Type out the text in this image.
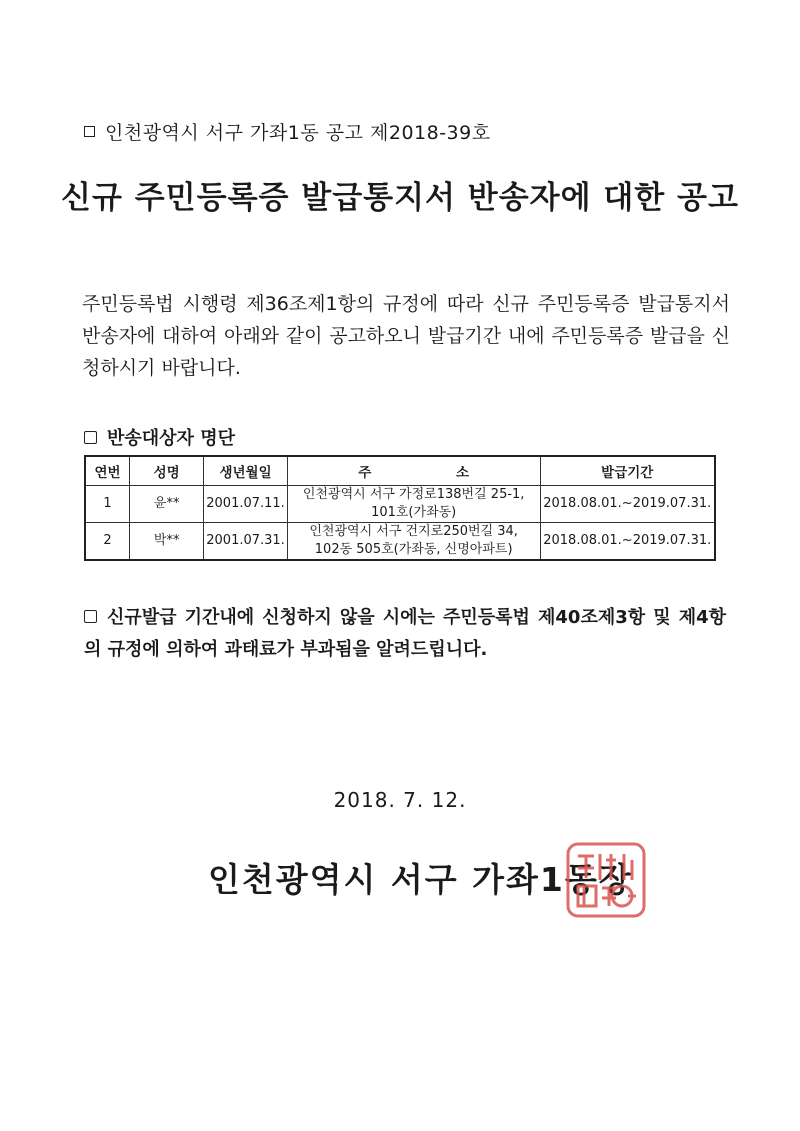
인천광역시 서구 가좌1동 공고 제2018-39호
신규 주민등록증 발급통지서 반송자에 대한 공고

주민등록법 시행령 제36조제1항의 규정에 따라 신규 주민등록증 발급통지서 반송자에 대하여 아래와 같이 공고하오니 발급기간 내에 주민등록증 발급을 신청하시기 바랍니다.

반송대상자 명단
연번	성명	생년월일	주 소	발급기간
1	윤**	2001.07.11.	인천광역시 서구 가정로138번길 25-1,
101호(가좌동)	2018.08.01.~2019.07.31.
2	박**	2001.07.31.	인천광역시 서구 건지로250번길 34,
102동 505호(가좌동, 신명아파트)	2018.08.01.~2019.07.31.

신규발급 기간내에 신청하지 않을 시에는 주민등록법 제40조제3항 및 제4항의 규정에 의하여 과태료가 부과됨을 알려드립니다.

2018. 7. 12.
인천광역시 서구 가좌1동장
